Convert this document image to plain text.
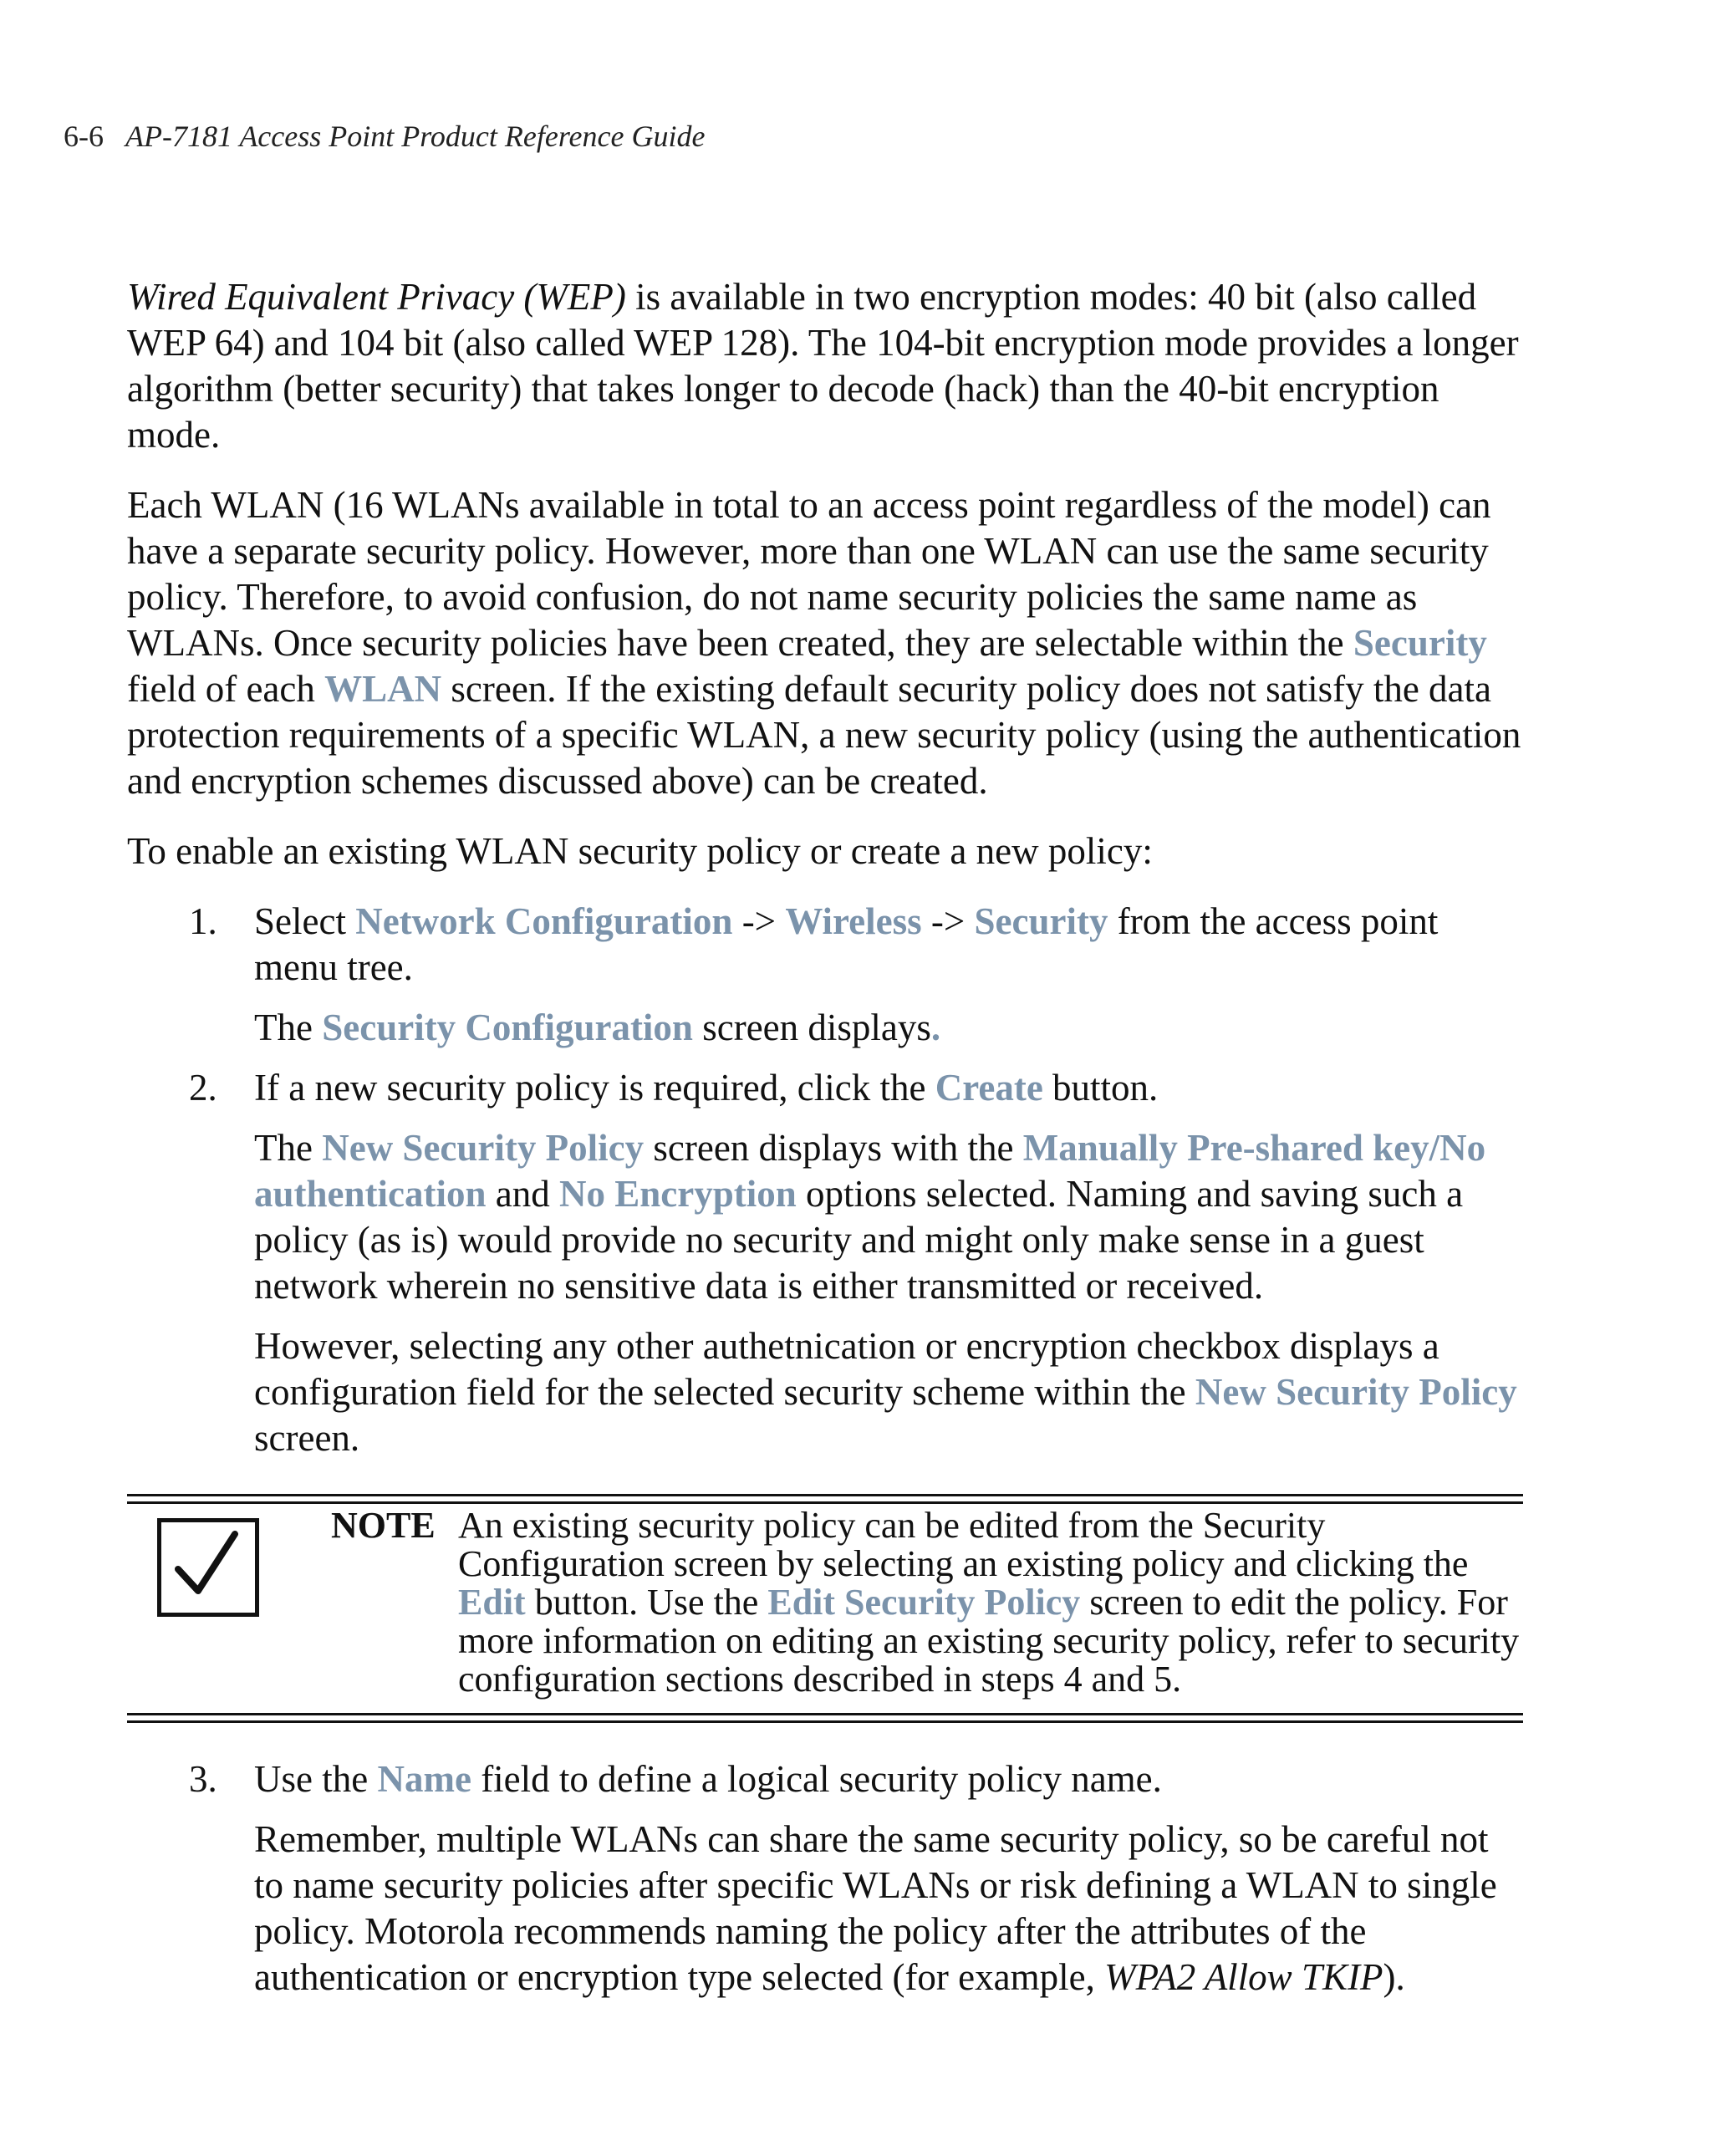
6-6 AP-7181 Access Point Product Reference Guide

Wired Equivalent Privacy (WEP) is available in two encryption modes: 40 bit (also called WEP 64) and 104 bit (also called WEP 128). The 104-bit encryption mode provides a longer algorithm (better security) that takes longer to decode (hack) than the 40-bit encryption mode.

Each WLAN (16 WLANs available in total to an access point regardless of the model) can have a separate security policy. However, more than one WLAN can use the same security policy. Therefore, to avoid confusion, do not name security policies the same name as WLANs. Once security policies have been created, they are selectable within the Security field of each WLAN screen. If the existing default security policy does not satisfy the data protection requirements of a specific WLAN, a new security policy (using the authentication and encryption schemes discussed above) can be created.

To enable an existing WLAN security policy or create a new policy:

1. Select Network Configuration -> Wireless -> Security from the access point menu tree.

The Security Configuration screen displays.

2. If a new security policy is required, click the Create button.

The New Security Policy screen displays with the Manually Pre-shared key/No authentication and No Encryption options selected. Naming and saving such a policy (as is) would provide no security and might only make sense in a guest network wherein no sensitive data is either transmitted or received.

However, selecting any other authetnication or encryption checkbox displays a configuration field for the selected security scheme within the New Security Policy screen.

NOTE An existing security policy can be edited from the Security Configuration screen by selecting an existing policy and clicking the Edit button. Use the Edit Security Policy screen to edit the policy. For more information on editing an existing security policy, refer to security configuration sections described in steps 4 and 5.

3. Use the Name field to define a logical security policy name.

Remember, multiple WLANs can share the same security policy, so be careful not to name security policies after specific WLANs or risk defining a WLAN to single policy. Motorola recommends naming the policy after the attributes of the authentication or encryption type selected (for example, WPA2 Allow TKIP).
